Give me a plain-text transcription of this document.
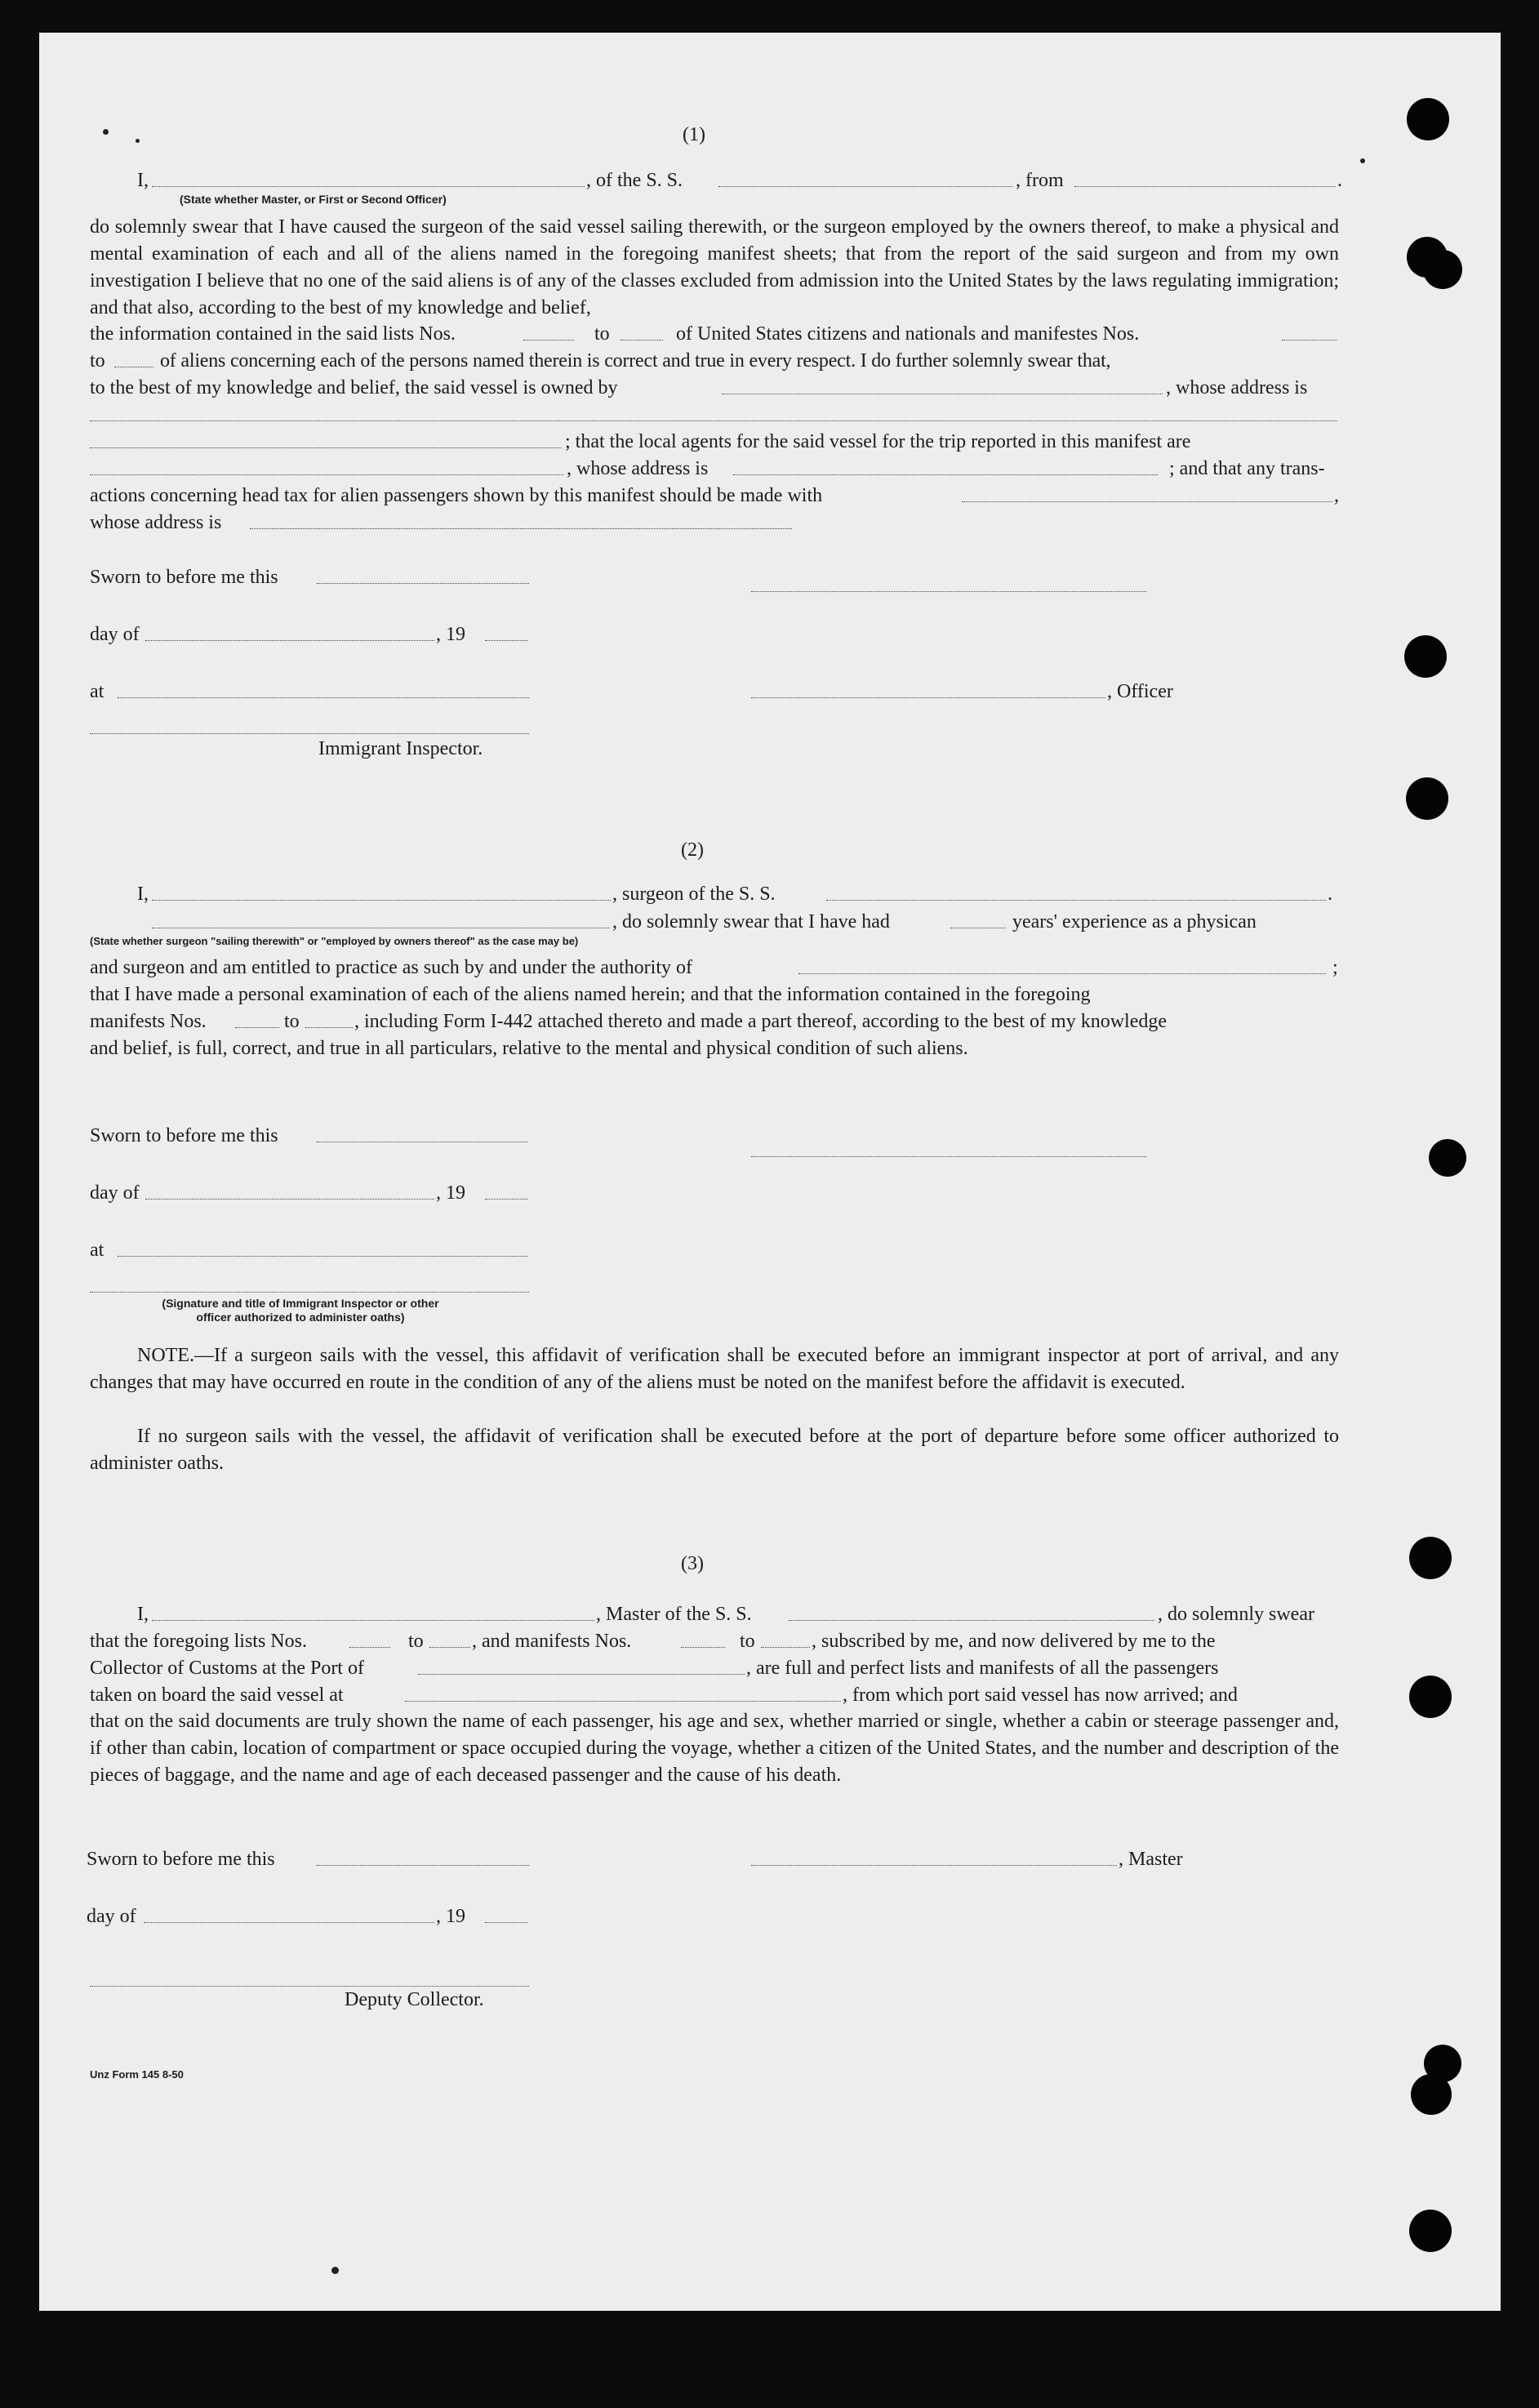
(1)
I,	, of the S. S.	, from	.
(State whether Master, or First or Second Officer)
do solemnly swear that I have caused the surgeon of the said vessel sailing therewith, or the surgeon employed by the owners thereof, to make a physical and mental examination of each and all of the aliens named in the foregoing manifest sheets; that from the report of the said surgeon and from my own investigation I believe that no one of the said aliens is of any of the classes excluded from admission into the United States by the laws regulating immigration; and that also, according to the best of my knowledge and belief,
the information contained in the said lists Nos.	to	of United States citizens and nationals and manifestes Nos.
to	of aliens concerning each of the persons named therein is correct and true in every respect. I do further solemnly swear that,
to the best of my knowledge and belief, the said vessel is owned by	, whose address is
; that the local agents for the said vessel for the trip reported in this manifest are
, whose address is	; and that any trans-
actions concerning head tax for alien passengers shown by this manifest should be made with	,
whose address is
Sworn to before me this
day of	, 19
at	, Officer
Immigrant Inspector.
(2)
I,	, surgeon of the S. S.	.
, do solemnly swear that I have had	years' experience as a physican
(State whether surgeon "sailing therewith" or "employed by owners thereof" as the case may be)
and surgeon and am entitled to practice as such by and under the authority of	;
that I have made a personal examination of each of the aliens named herein; and that the information contained in the foregoing
manifests Nos.	to	, including Form I-442 attached thereto and made a part thereof, according to the best of my knowledge
and belief, is full, correct, and true in all particulars, relative to the mental and physical condition of such aliens.
Sworn to before me this
day of	, 19
at
(Signature and title of Immigrant Inspector or other
officer authorized to administer oaths)
NOTE.—If a surgeon sails with the vessel, this affidavit of verification shall be executed before an immigrant inspector at port of arrival, and any changes that may have occurred en route in the condition of any of the aliens must be noted on the manifest before the affidavit is executed.
If no surgeon sails with the vessel, the affidavit of verification shall be executed before at the port of departure before some officer authorized to administer oaths.
(3)
I,	, Master of the S. S.	, do solemnly swear
that the foregoing lists Nos.	to , and manifests Nos.	to	, subscribed by me, and now delivered by me to the
Collector of Customs at the Port of	, are full and perfect lists and manifests of all the passengers
taken on board the said vessel at	, from which port said vessel has now arrived; and
that on the said documents are truly shown the name of each passenger, his age and sex, whether married or single, whether a cabin or steerage passenger and, if other than cabin, location of compartment or space occupied during the voyage, whether a citizen of the United States, and the number and description of the pieces of baggage, and the name and age of each deceased passenger and the cause of his death.
Sworn to before me this	, Master
day of	, 19
Deputy Collector.
Unz Form 145 8-50
